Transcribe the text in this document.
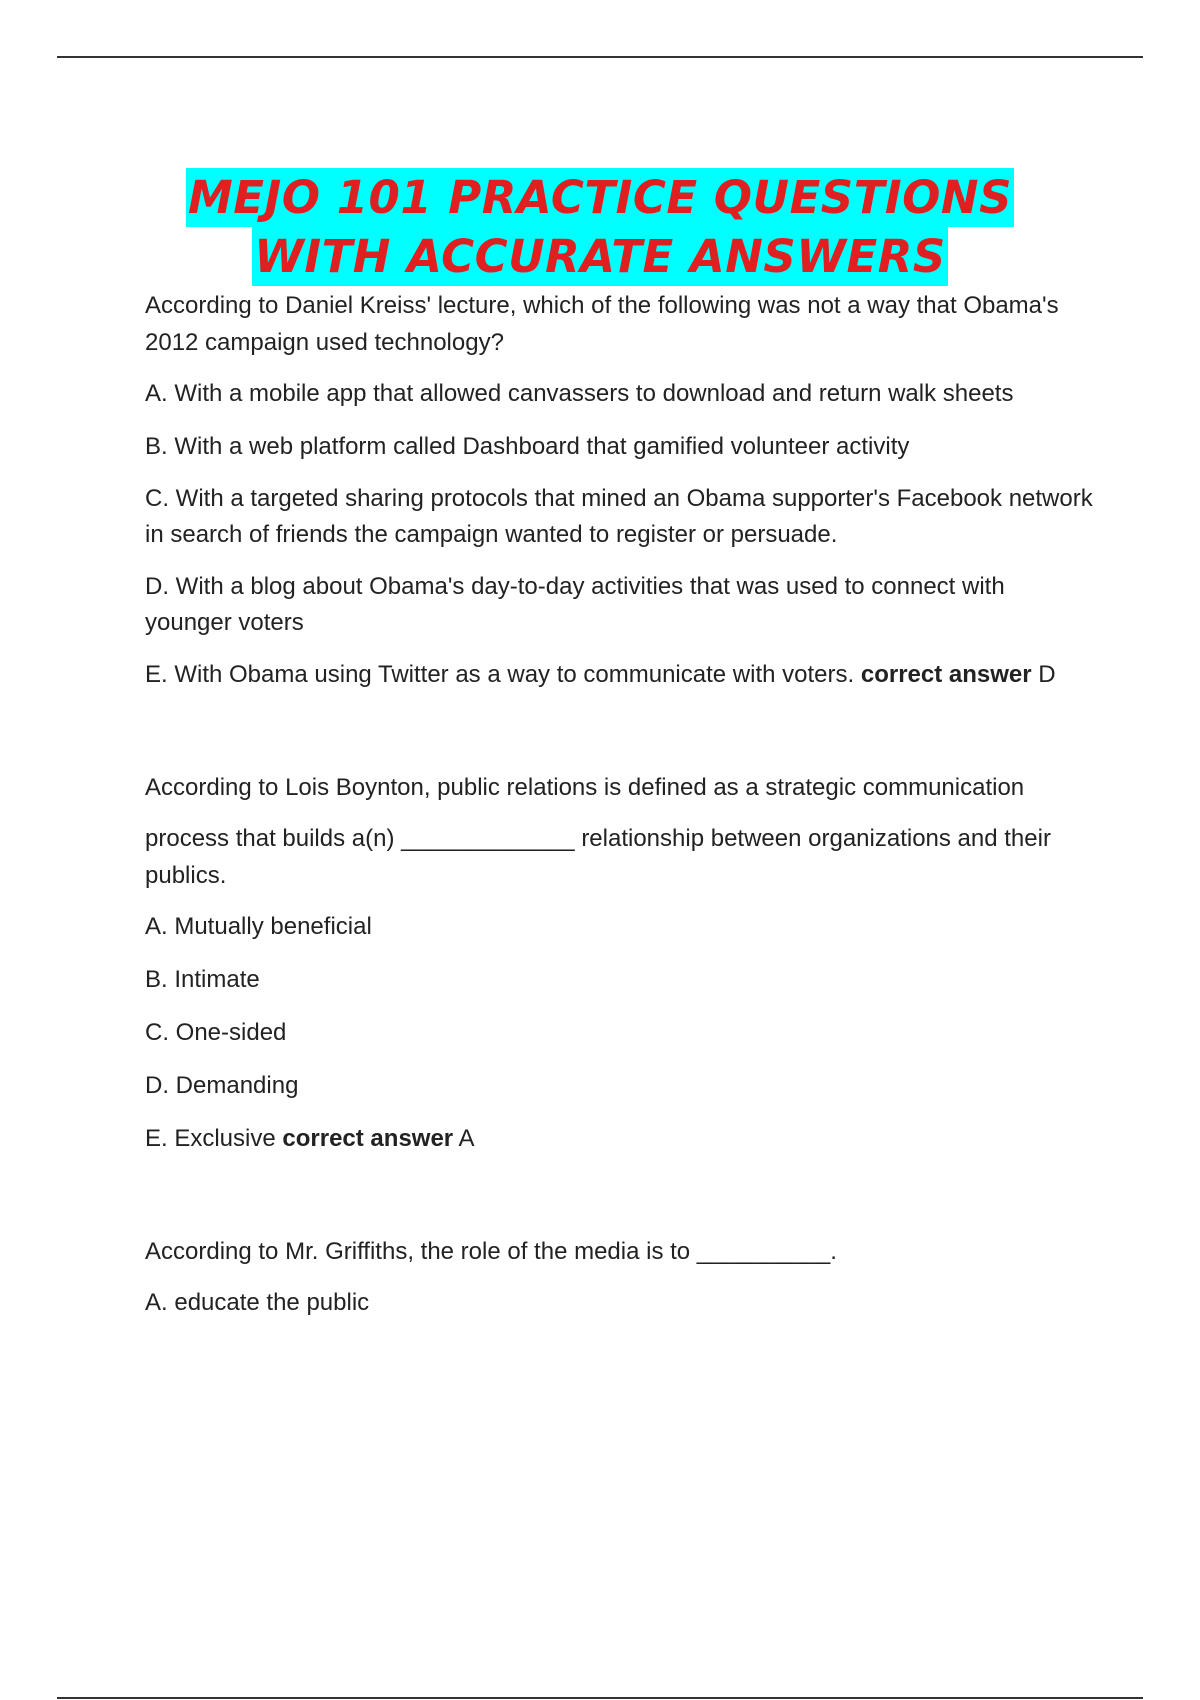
MEJO 101 PRACTICE QUESTIONS
WITH ACCURATE ANSWERS

According to Daniel Kreiss' lecture, which of the following was not a way that Obama's 2012 campaign used technology?

A. With a mobile app that allowed canvassers to download and return walk sheets

B. With a web platform called Dashboard that gamified volunteer activity

C. With a targeted sharing protocols that mined an Obama supporter's Facebook network in search of friends the campaign wanted to register or persuade.

D. With a blog about Obama's day-to-day activities that was used to connect with younger voters

E. With Obama using Twitter as a way to communicate with voters. correct answer D

According to Lois Boynton, public relations is defined as a strategic communication

process that builds a(n) _____________ relationship between organizations and their publics.

A. Mutually beneficial

B. Intimate

C. One-sided

D. Demanding

E. Exclusive correct answer A

According to Mr. Griffiths, the role of the media is to __________.

A. educate the public
